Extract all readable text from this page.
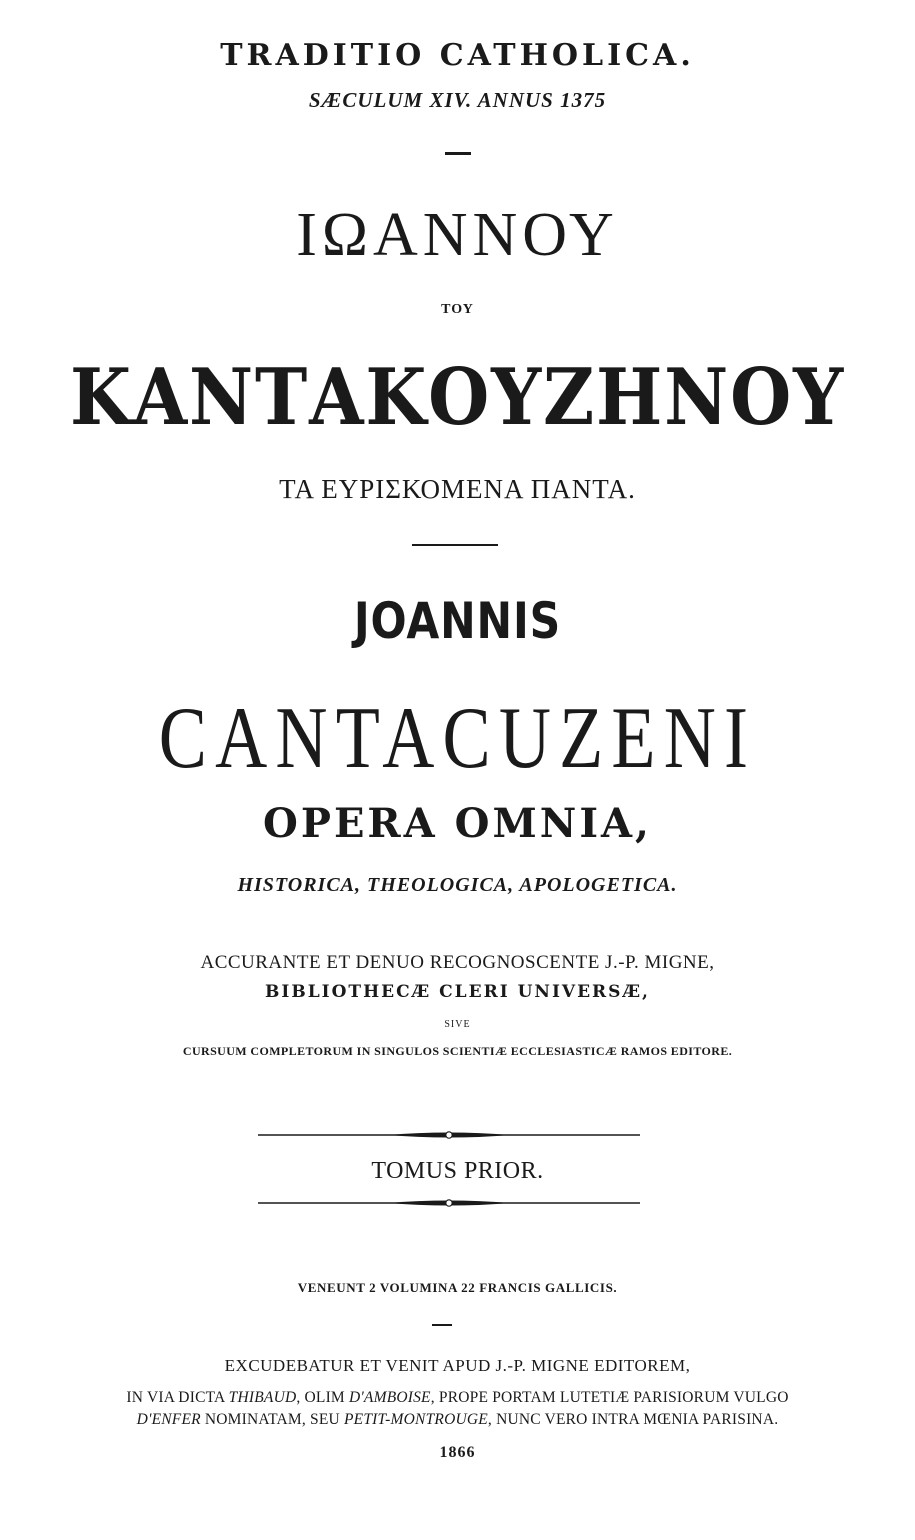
TRADITIO CATHOLICA.
SÆCULUM XIV. ANNUS 1375
ΙΩΑΝΝΟΥ
ΤΟΥ
ΚΑΝΤΑΚΟΥΖΗΝΟΥ
ΤΑ ΕΥΡΙΣΚΟΜΕΝΑ ΠΑΝΤΑ.
JOANNIS
CANTACUZENI
OPERA OMNIA,
HISTORICA, THEOLOGICA, APOLOGETICA.
ACCURANTE ET DENUO RECOGNOSCENTE J.-P. MIGNE,
BIBLIOTHECÆ CLERI UNIVERSÆ,
SIVE
CURSUUM COMPLETORUM IN SINGULOS SCIENTIÆ ECCLESIASTICÆ RAMOS EDITORE.
TOMUS PRIOR.
VENEUNT 2 VOLUMINA 22 FRANCIS GALLICIS.
EXCUDEBATUR ET VENIT APUD J.-P. MIGNE EDITOREM,
IN VIA DICTA THIBAUD, OLIM D'AMBOISE, PROPE PORTAM LUTETIÆ PARISIORUM VULGO
D'ENFER NOMINATAM, SEU PETIT-MONTROUGE, NUNC VERO INTRA MŒNIA PARISINA.
1866
